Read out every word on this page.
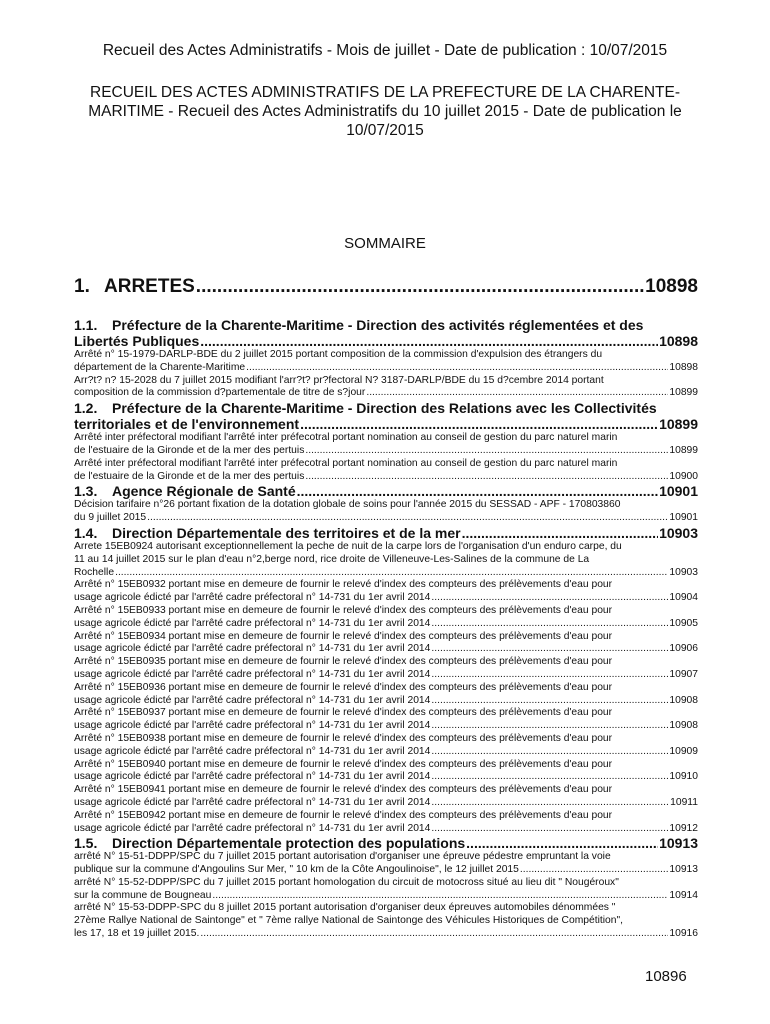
Recueil des Actes Administratifs - Mois de juillet - Date de publication : 10/07/2015
RECUEIL DES ACTES ADMINISTRATIFS DE LA PREFECTURE DE LA CHARENTE-
MARITIME - Recueil des Actes Administratifs du 10 juillet 2015 - Date de publication le
10/07/2015
SOMMAIRE
1. ARRETES .....	10898
1.1. Préfecture de la Charente-Maritime - Direction des activités réglementées et des
Libertés Publiques .....	10898
Arrêté n° 15-1979-DARLP-BDE du 2 juillet 2015 portant composition de la commission d'expulsion des étrangers du
département de la Charente-Maritime .....	10898
Arr?t? n? 15-2028 du 7 juillet 2015 modifiant l'arr?t? pr?fectoral N? 3187-DARLP/BDE du 15 d?cembre 2014 portant
composition de la commission d?partementale de titre de s?jour .....	10899
1.2. Préfecture de la Charente-Maritime - Direction des Relations avec les Collectivités
territoriales et de l'environnement .....	10899
Arrêté inter préfectoral modifiant l'arrêté inter préfecotral portant nomination au conseil de gestion du parc naturel marin
de l'estuaire de la Gironde et de la mer des pertuis .....	10899
Arrêté inter préfectoral modifiant l'arrêté inter préfecotral portant nomination au conseil de gestion du parc naturel marin
de l'estuaire de la Gironde et de la mer des pertuis .....	10900
1.3.	Agence Régionale de Santé .....	10901
Décision tarifaire n°26 portant fixation de la dotation globale de soins pour l'année 2015 du SESSAD - APF - 170803860
du 9 juillet 2015 .....	10901
1.4.	Direction Départementale des territoires et de la mer .....	10903
Arrete 15EB0924 autorisant exceptionnellement la peche de nuit de la carpe lors de l'organisation d'un enduro carpe, du
11 au 14 juillet 2015 sur le plan d'eau n°2,berge nord, rice droite de Villeneuve-Les-Salines de la commune de La
Rochelle .....	10903
Arrêté n° 15EB0932 portant mise en demeure de fournir le relevé d'index des compteurs des prélèvements d'eau pour
usage agricole édicté par l'arrêté cadre préfectoral n° 14-731 du 1er avril 2014 .....	10904
Arrêté n° 15EB0933 portant mise en demeure de fournir le relevé d'index des compteurs des prélèvements d'eau pour
usage agricole édicté par l'arrêté cadre préfectoral n° 14-731 du 1er avril 2014 .....	10905
Arrêté n° 15EB0934 portant mise en demeure de fournir le relevé d'index des compteurs des prélèvements d'eau pour
usage agricole édicté par l'arrêté cadre préfectoral n° 14-731 du 1er avril 2014 .....	10906
Arrêté n° 15EB0935 portant mise en demeure de fournir le relevé d'index des compteurs des prélèvements d'eau pour
usage agricole édicté par l'arrêté cadre préfectoral n° 14-731 du 1er avril 2014 .....	10907
Arrêté n° 15EB0936 portant mise en demeure de fournir le relevé d'index des compteurs des prélèvements d'eau pour
usage agricole édicté par l'arrêté cadre préfectoral n° 14-731 du 1er avril 2014 .....	10908
Arrêté n° 15EB0937 portant mise en demeure de fournir le relevé d'index des compteurs des prélèvements d'eau pour
usage agricole édicté par l'arrêté cadre préfectoral n° 14-731 du 1er avril 2014 .....	10908
Arrêté n° 15EB0938 portant mise en demeure de fournir le relevé d'index des compteurs des prélèvements d'eau pour
usage agricole édicté par l'arrêté cadre préfectoral n° 14-731 du 1er avril 2014 .....	10909
Arrêté n° 15EB0940 portant mise en demeure de fournir le relevé d'index des compteurs des prélèvements d'eau pour
usage agricole édicté par l'arrêté cadre préfectoral n° 14-731 du 1er avril 2014 .....	10910
Arrêté n° 15EB0941 portant mise en demeure de fournir le relevé d'index des compteurs des prélèvements d'eau pour
usage agricole édicté par l'arrêté cadre préfectoral n° 14-731 du 1er avril 2014 .....	10911
Arrêté n° 15EB0942 portant mise en demeure de fournir le relevé d'index des compteurs des prélèvements d'eau pour
usage agricole édicté par l'arrêté cadre préfectoral n° 14-731 du 1er avril 2014 .....	10912
1.5.	Direction Départementale protection des populations .....	10913
arrêté N° 15-51-DDPP/SPC du 7 juillet 2015 portant autorisation d'organiser une épreuve pédestre empruntant la voie
publique sur la commune d'Angoulins Sur Mer, " 10 km de la Côte Angoulinoise", le 12 juillet 2015 .....	10913
arrêté N° 15-52-DDPP/SPC du 7 juillet 2015 portant homologation du circuit de motocross situé au lieu dit " Nougéroux"
sur la commune de Bougneau .....	10914
arrêté N° 15-53-DDPP-SPC du 8 juillet 2015 portant autorisation d'organiser deux épreuves automobiles dénommées "
27ème Rallye National de Saintonge" et " 7ème rallye National de Saintonge des Véhicules Historiques de Compétition",
les 17, 18 et 19 juillet 2015. .....	10916
10896
